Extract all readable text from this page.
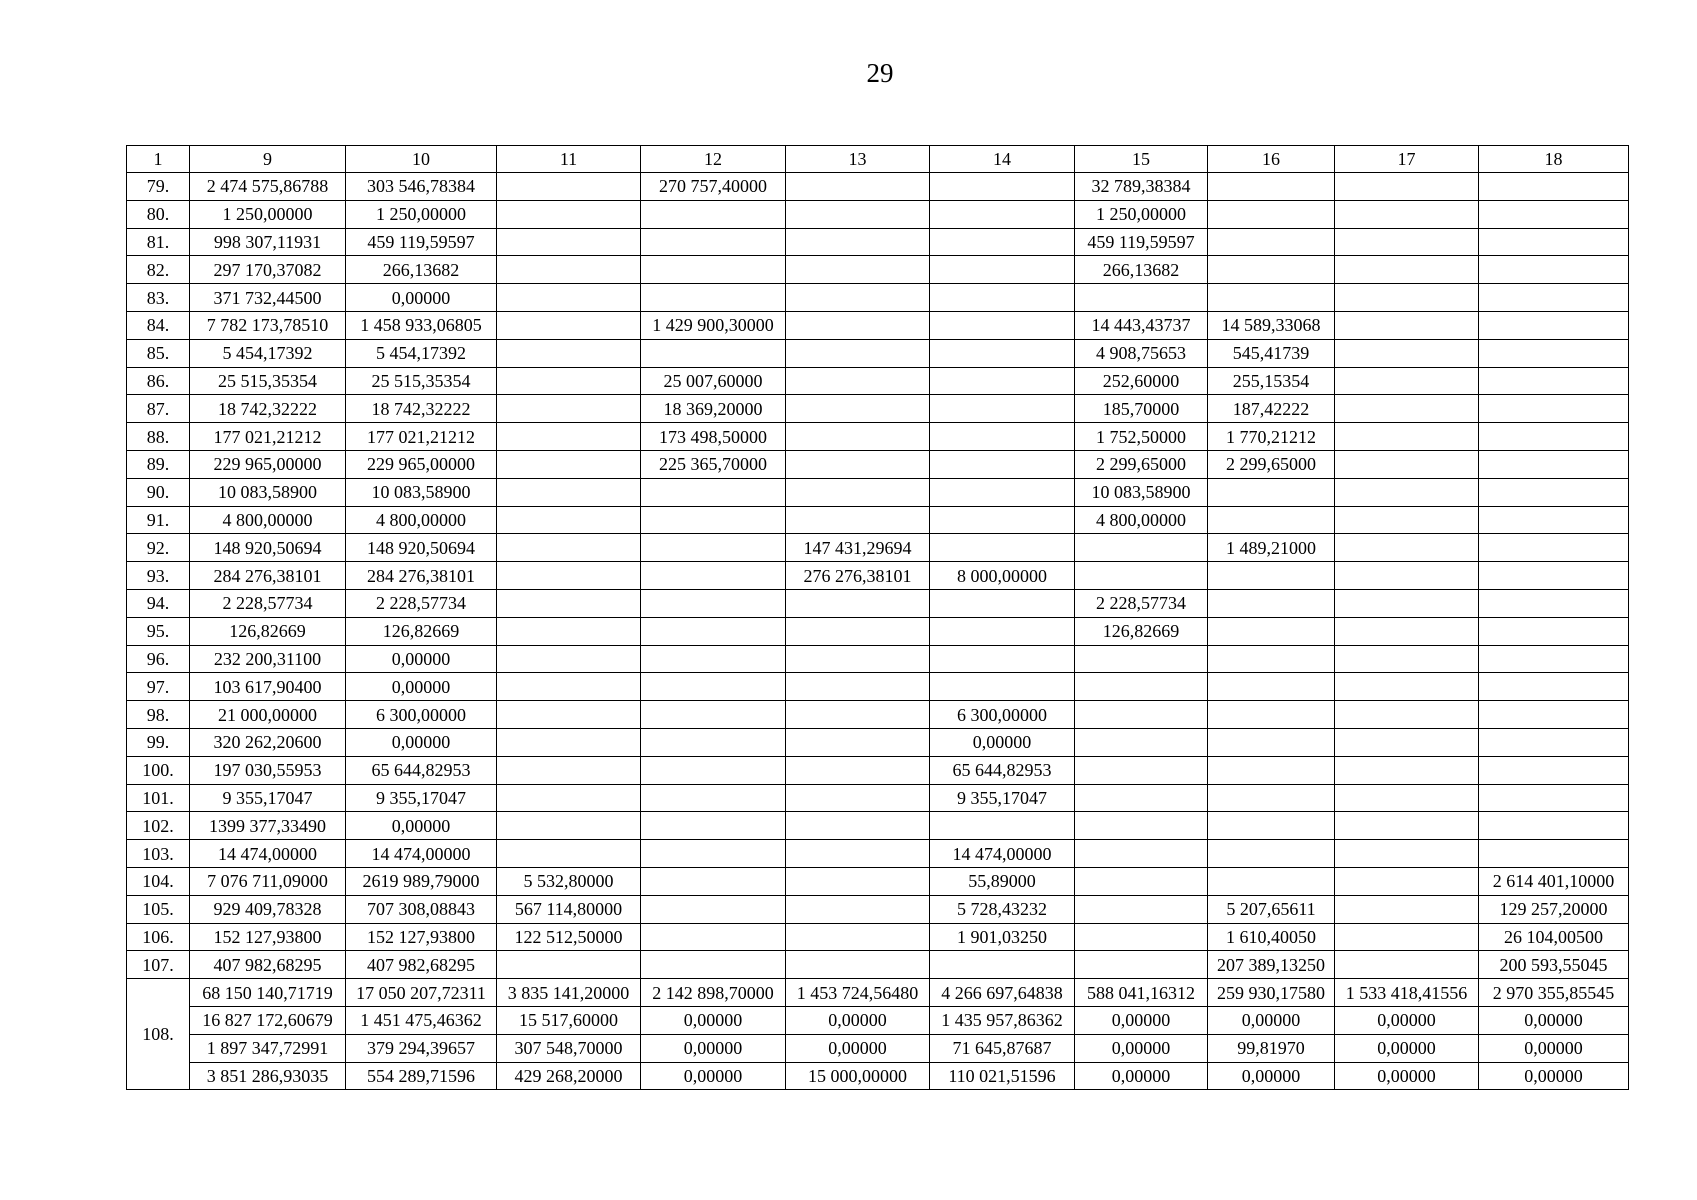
29
1	9	10	11	12	13	14	15	16	17	18
79.	2 474 575,86788	303 546,78384		270 757,40000			32 789,38384			
80.	1 250,00000	1 250,00000					1 250,00000			
81.	998 307,11931	459 119,59597					459 119,59597			
82.	297 170,37082	266,13682					266,13682			
83.	371 732,44500	0,00000								
84.	7 782 173,78510	1 458 933,06805		1 429 900,30000			14 443,43737	14 589,33068		
85.	5 454,17392	5 454,17392					4 908,75653	545,41739		
86.	25 515,35354	25 515,35354		25 007,60000			252,60000	255,15354		
87.	18 742,32222	18 742,32222		18 369,20000			185,70000	187,42222		
88.	177 021,21212	177 021,21212		173 498,50000			1 752,50000	1 770,21212		
89.	229 965,00000	229 965,00000		225 365,70000			2 299,65000	2 299,65000		
90.	10 083,58900	10 083,58900					10 083,58900			
91.	4 800,00000	4 800,00000					4 800,00000			
92.	148 920,50694	148 920,50694			147 431,29694			1 489,21000		
93.	284 276,38101	284 276,38101			276 276,38101	8 000,00000				
94.	2 228,57734	2 228,57734					2 228,57734			
95.	126,82669	126,82669					126,82669			
96.	232 200,31100	0,00000								
97.	103 617,90400	0,00000								
98.	21 000,00000	6 300,00000				6 300,00000				
99.	320 262,20600	0,00000				0,00000				
100.	197 030,55953	65 644,82953				65 644,82953				
101.	9 355,17047	9 355,17047				9 355,17047				
102.	1399 377,33490	0,00000								
103.	14 474,00000	14 474,00000				14 474,00000				
104.	7 076 711,09000	2619 989,79000	5 532,80000			55,89000				2 614 401,10000
105.	929 409,78328	707 308,08843	567 114,80000			5 728,43232		5 207,65611		129 257,20000
106.	152 127,93800	152 127,93800	122 512,50000			1 901,03250		1 610,40050		26 104,00500
107.	407 982,68295	407 982,68295						207 389,13250		200 593,55045
108.	68 150 140,71719	17 050 207,72311	3 835 141,20000	2 142 898,70000	1 453 724,56480	4 266 697,64838	588 041,16312	259 930,17580	1 533 418,41556	2 970 355,85545
	16 827 172,60679	1 451 475,46362	15 517,60000	0,00000	0,00000	1 435 957,86362	0,00000	0,00000	0,00000	0,00000
	1 897 347,72991	379 294,39657	307 548,70000	0,00000	0,00000	71 645,87687	0,00000	99,81970	0,00000	0,00000
	3 851 286,93035	554 289,71596	429 268,20000	0,00000	15 000,00000	110 021,51596	0,00000	0,00000	0,00000	0,00000
